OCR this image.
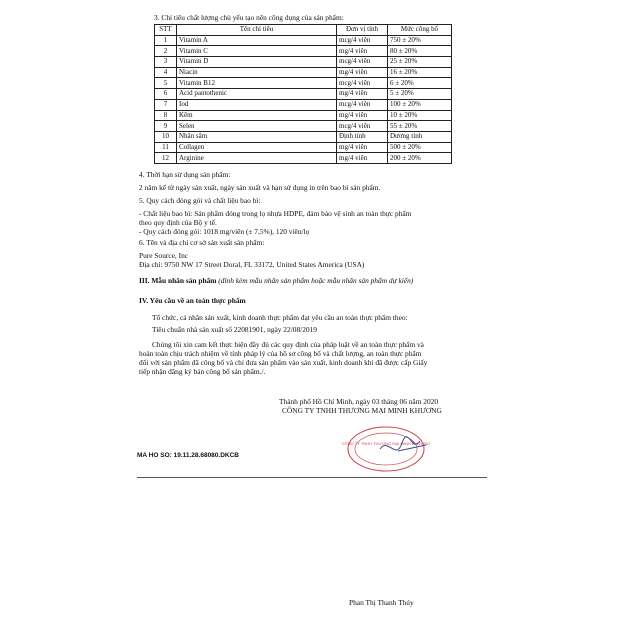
3. Chỉ tiêu chất lượng chủ yếu tạo nên công dụng của sản phẩm:
STT	Tên chỉ tiêu	Đơn vị tính	Mức công bố
1	Vitamin A	mcg/4 viên	750 ± 20%
2	Vitamin C	mg/4 viên	80 ± 20%
3	Vitamin D	mcg/4 viên	25 ± 20%
4	Niacin	mg/4 viên	16 ± 20%
5	Vitamin B12	mcg/4 viên	6 ± 20%
6	Acid pantothenic	mg/4 viên	5 ± 20%
7	Iod	mcg/4 viên	100 ± 20%
8	Kẽm	mg/4 viên	10 ± 20%
9	Selen	mcg/4 viên	55 ± 20%
10	Nhân sâm	Định tính	Dương tính
11	Collagen	mg/4 viên	500 ± 20%
12	Arginine	mg/4 viên	200 ± 20%
4. Thời hạn sử dụng sản phẩm:
2 năm kể từ ngày sản xuất, ngày sản xuất và hạn sử dụng in trên bao bì sản phẩm.
5. Quy cách đóng gói và chất liệu bao bì:
- Chất liệu bao bì: Sản phẩm đóng trong lọ nhựa HDPE, đảm bảo vệ sinh an toàn thực phẩm
theo quy định của Bộ y tế.
- Quy cách đóng gói: 1018 mg/viên (± 7,5%), 120 viên/lọ
6. Tên và địa chỉ cơ sở sản xuất sản phẩm:
Pure Source, Inc
Địa chỉ: 9750 NW 17 Street Doral, FL 33172, United States America (USA)
III. Mẫu nhãn sản phẩm (đính kèm mẫu nhãn sản phẩm hoặc mẫu nhãn sản phẩm dự kiến)
IV. Yêu cầu về an toàn thực phẩm
Tổ chức, cá nhân sản xuất, kinh doanh thực phẩm đạt yêu cầu an toàn thực phẩm theo:
Tiêu chuẩn nhà sản xuất số 22081901, ngày 22/08/2019
Chúng tôi xin cam kết thực hiện đầy đủ các quy định của pháp luật về an toàn thực phẩm và
hoàn toàn chịu trách nhiệm về tính pháp lý của hồ sơ công bố và chất lượng, an toàn thực phẩm
đối với sản phẩm đã công bố và chỉ đưa sản phẩm vào sản xuất, kinh doanh khi đã được cấp Giấy
tiếp nhận đăng ký bản công bố sản phẩm./.
Thành phố Hồ Chí Minh, ngày 03 tháng 06 năm 2020
CÔNG TY TNHH THƯƠNG MẠI MINH KHƯƠNG
CÔNG TY TNHH THƯƠNG MẠI MINH KHƯƠNG
MA HO SO: 19.11.28.68080.DKCB
Phan Thị Thanh Thúy
